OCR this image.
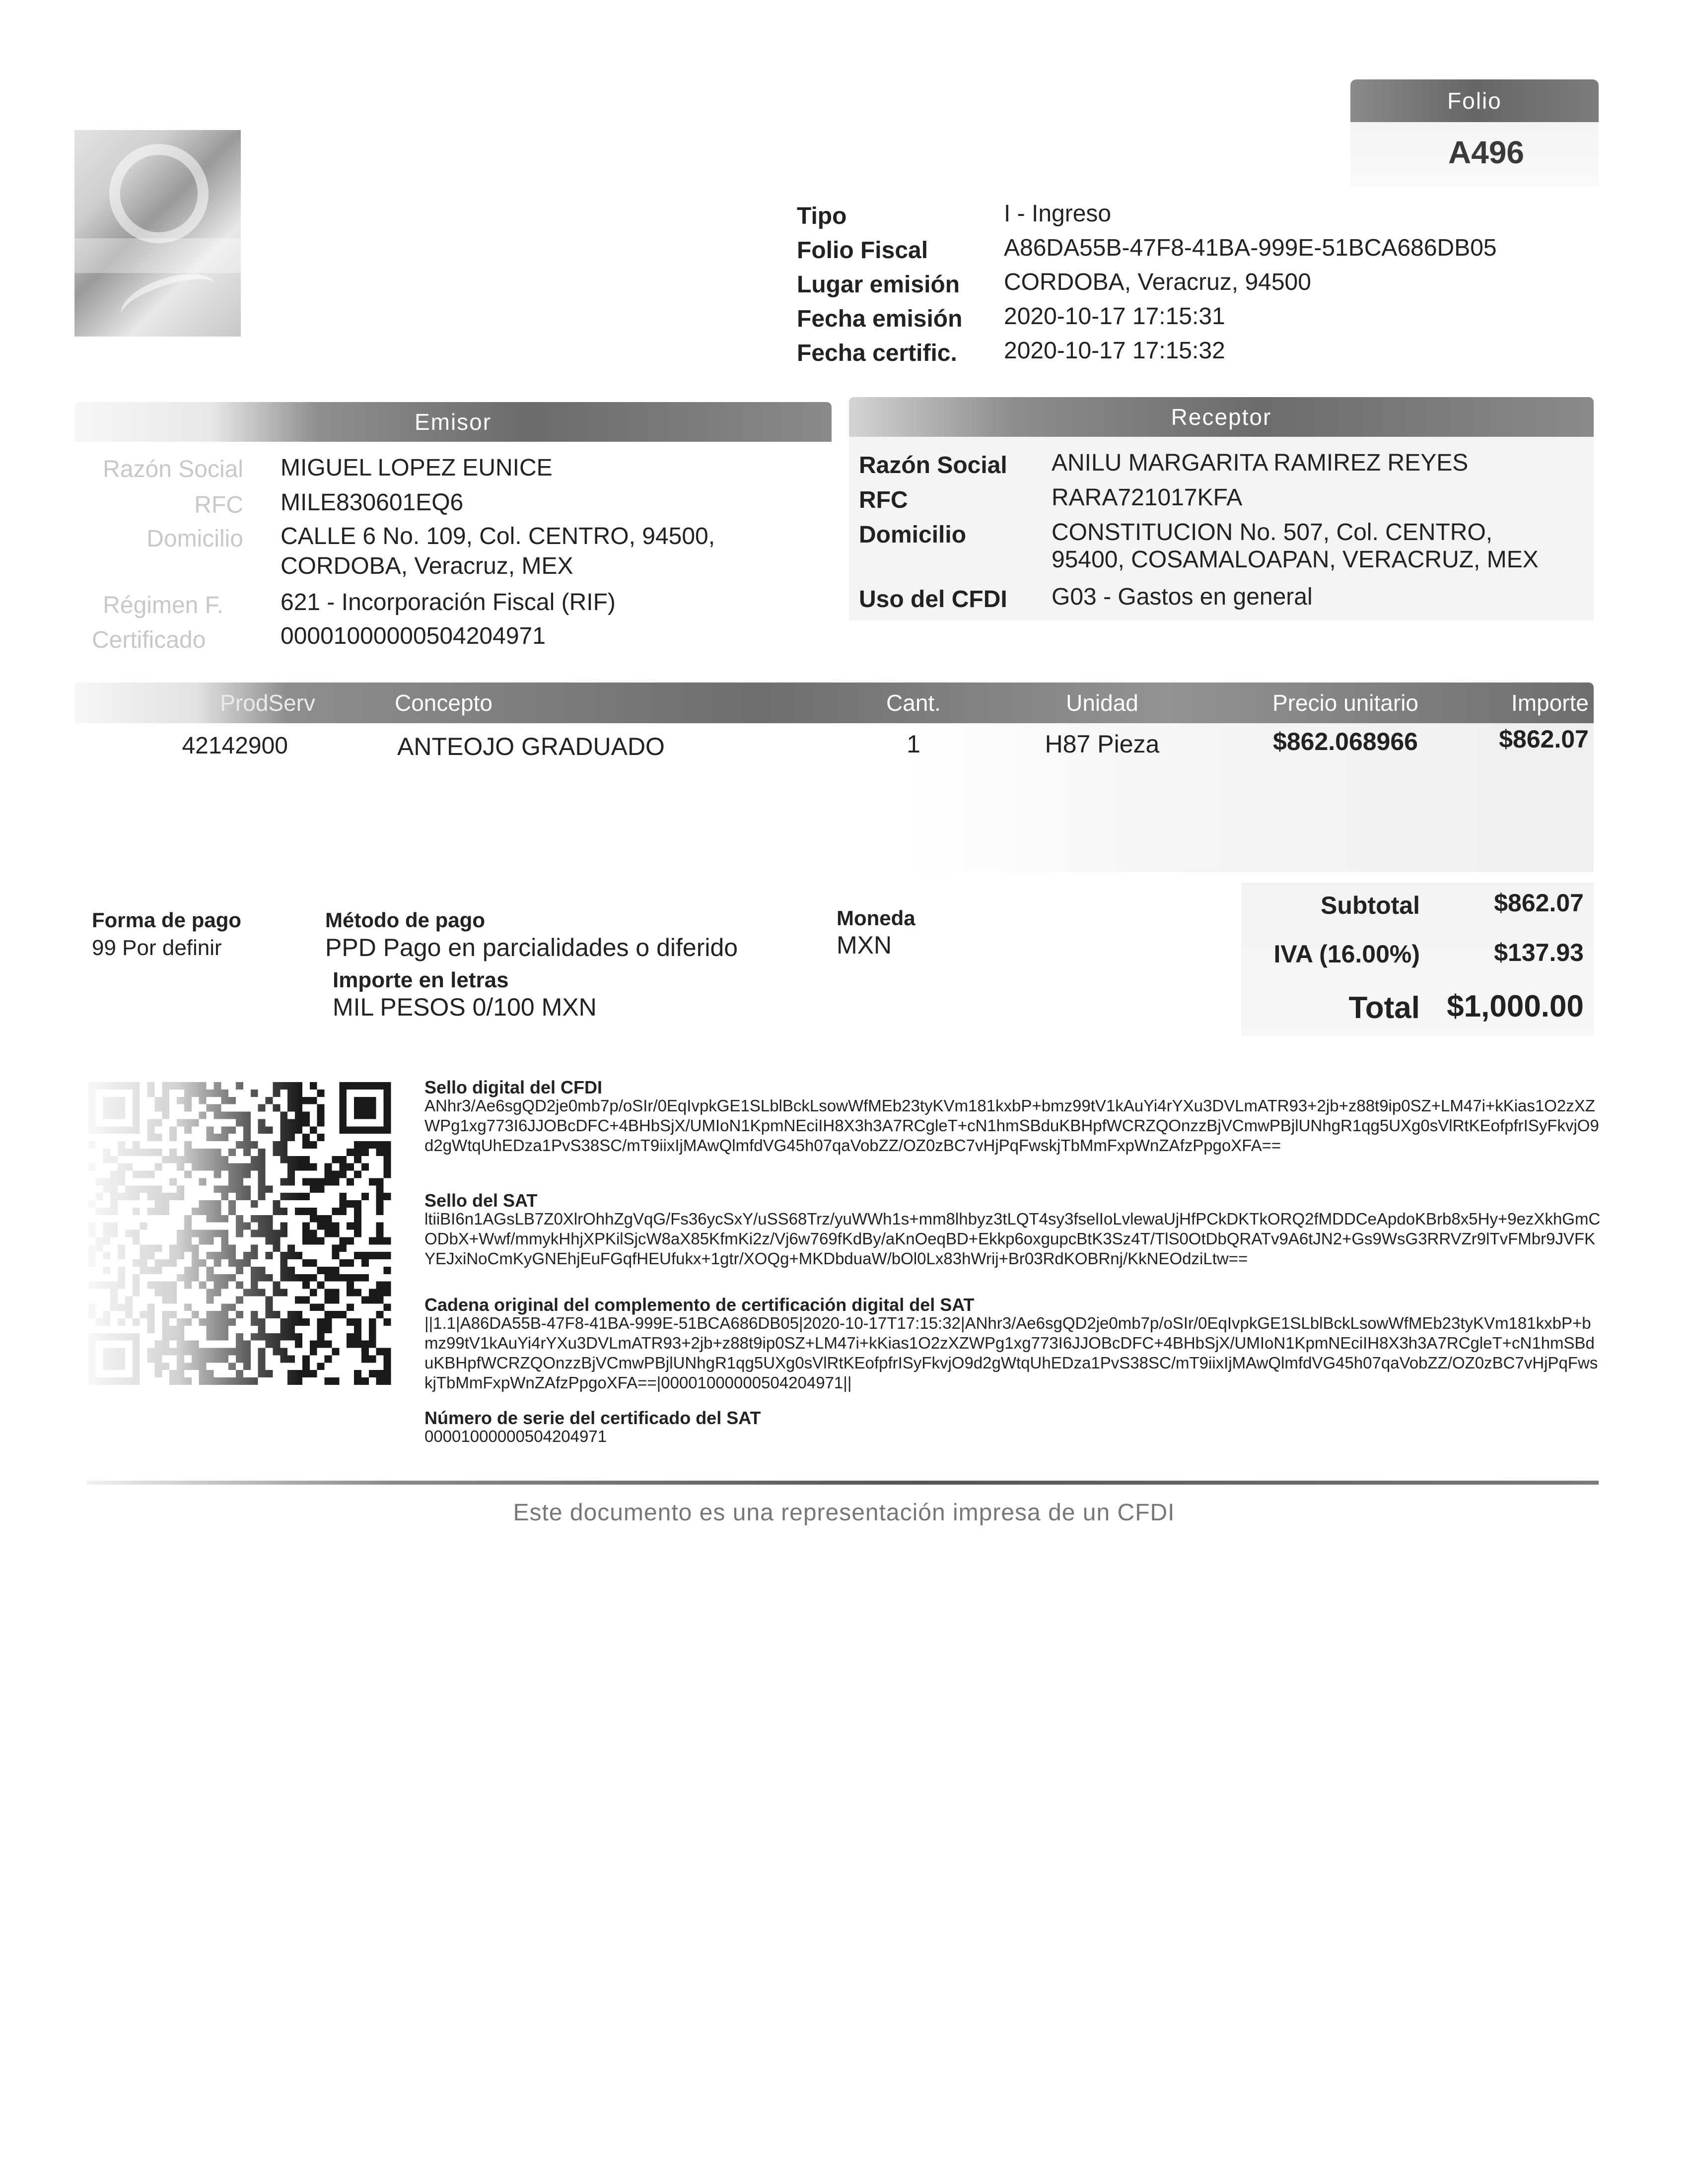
Folio
A496
Tipo	I - Ingreso
Folio Fiscal	A86DA55B-47F8-41BA-999E-51BCA686DB05
Lugar emisión CORDOBA, Veracruz, 94500
Fecha emisión 2020-10-17 17:15:31
Fecha certific. 2020-10-17 17:15:32
Emisor
Razón Social MIGUEL LOPEZ EUNICE
RFC MILE830601EQ6
Domicilio CALLE 6 No. 109, Col. CENTRO, 94500,
CORDOBA, Veracruz, MEX
Régimen F. 621 - Incorporación Fiscal (RIF)
Certificado	00001000000504204971
Receptor
Razón Social ANILU MARGARITA RAMIREZ REYES
RFC	RARA721017KFA
Domicilio	CONSTITUCION No. 507, Col. CENTRO,
95400, COSAMALOAPAN, VERACRUZ, MEX
Uso del CFDI G03 - Gastos en general
ProdServ	Concepto	Cant.	Unidad	Precio unitario	Importe
42142900	ANTEOJO GRADUADO	1	H87 Pieza	$862.068966	$862.07
Forma de pago
99 Por definir
Método de pago
PPD Pago en parcialidades o diferido
Moneda
MXN
Importe en letras
MIL PESOS 0/100 MXN
Subtotal	$862.07
IVA (16.00%)	$137.93
Total $1,000.00
Sello digital del CFDI
ANhr3/Ae6sgQD2je0mb7p/oSIr/0EqIvpkGE1SLblBckLsowWfMEb23tyKVm181kxbP+bmz99tV1kAuYi4rYXu3DVLmATR93+2jb+z88t9ip0SZ+LM47i+kKias1O2zXZWPg1xg773I6JJOBcDFC+4BHbSjX/UMIoN1KpmNEciIH8X3h3A7RCgleT+cN1hmSBduKBHpfWCRZQOnzzBjVCmwPBjlUNhgR1qg5UXg0sVlRtKEofpfrISyFkvjO9d2gWtqUhEDza1PvS38SC/mT9iixIjMAwQlmfdVG45h07qaVobZZ/OZ0zBC7vHjPqFwskjTbMmFxpWnZAfzPpgoXFA==
Sello del SAT
ltiiBI6n1AGsLB7Z0XlrOhhZgVqG/Fs36ycSxY/uSS68Trz/yuWWh1s+mm8lhbyz3tLQT4sy3fselIoLvlewaUjHfPCkDKTkORQ2fMDDCeApdoKBrb8x5Hy+9ezXkhGmCODbX+Wwf/mmykHhjXPKilSjcW8aX85KfmKi2z/Vj6w769fKdBy/aKnOeqBD+Ekkp6oxgupcBtK3Sz4T/TlS0OtDbQRATv9A6tJN2+Gs9WsG3RRVZr9lTvFMbr9JVFKYEJxiNoCmKyGNEhjEuFGqfHEUfukx+1gtr/XOQg+MKDbduaW/bOl0Lx83hWrij+Br03RdKOBRnj/KkNEOdziLtw==
Cadena original del complemento de certificación digital del SAT
||1.1|A86DA55B-47F8-41BA-999E-51BCA686DB05|2020-10-17T17:15:32|ANhr3/Ae6sgQD2je0mb7p/oSIr/0EqIvpkGE1SLblBckLsowWfMEb23tyKVm181kxbP+bmz99tV1kAuYi4rYXu3DVLmATR93+2jb+z88t9ip0SZ+LM47i+kKias1O2zXZWPg1xg773I6JJOBcDFC+4BHbSjX/UMIoN1KpmNEciIH8X3h3A7RCgleT+cN1hmSBduKBHpfWCRZQOnzzBjVCmwPBjlUNhgR1qg5UXg0sVlRtKEofpfrISyFkvjO9d2gWtqUhEDza1PvS38SC/mT9iixIjMAwQlmfdVG45h07qaVobZZ/OZ0zBC7vHjPqFwskjTbMmFxpWnZAfzPpgoXFA==|00001000000504204971||
Número de serie del certificado del SAT
00001000000504204971
Este documento es una representación impresa de un CFDI
